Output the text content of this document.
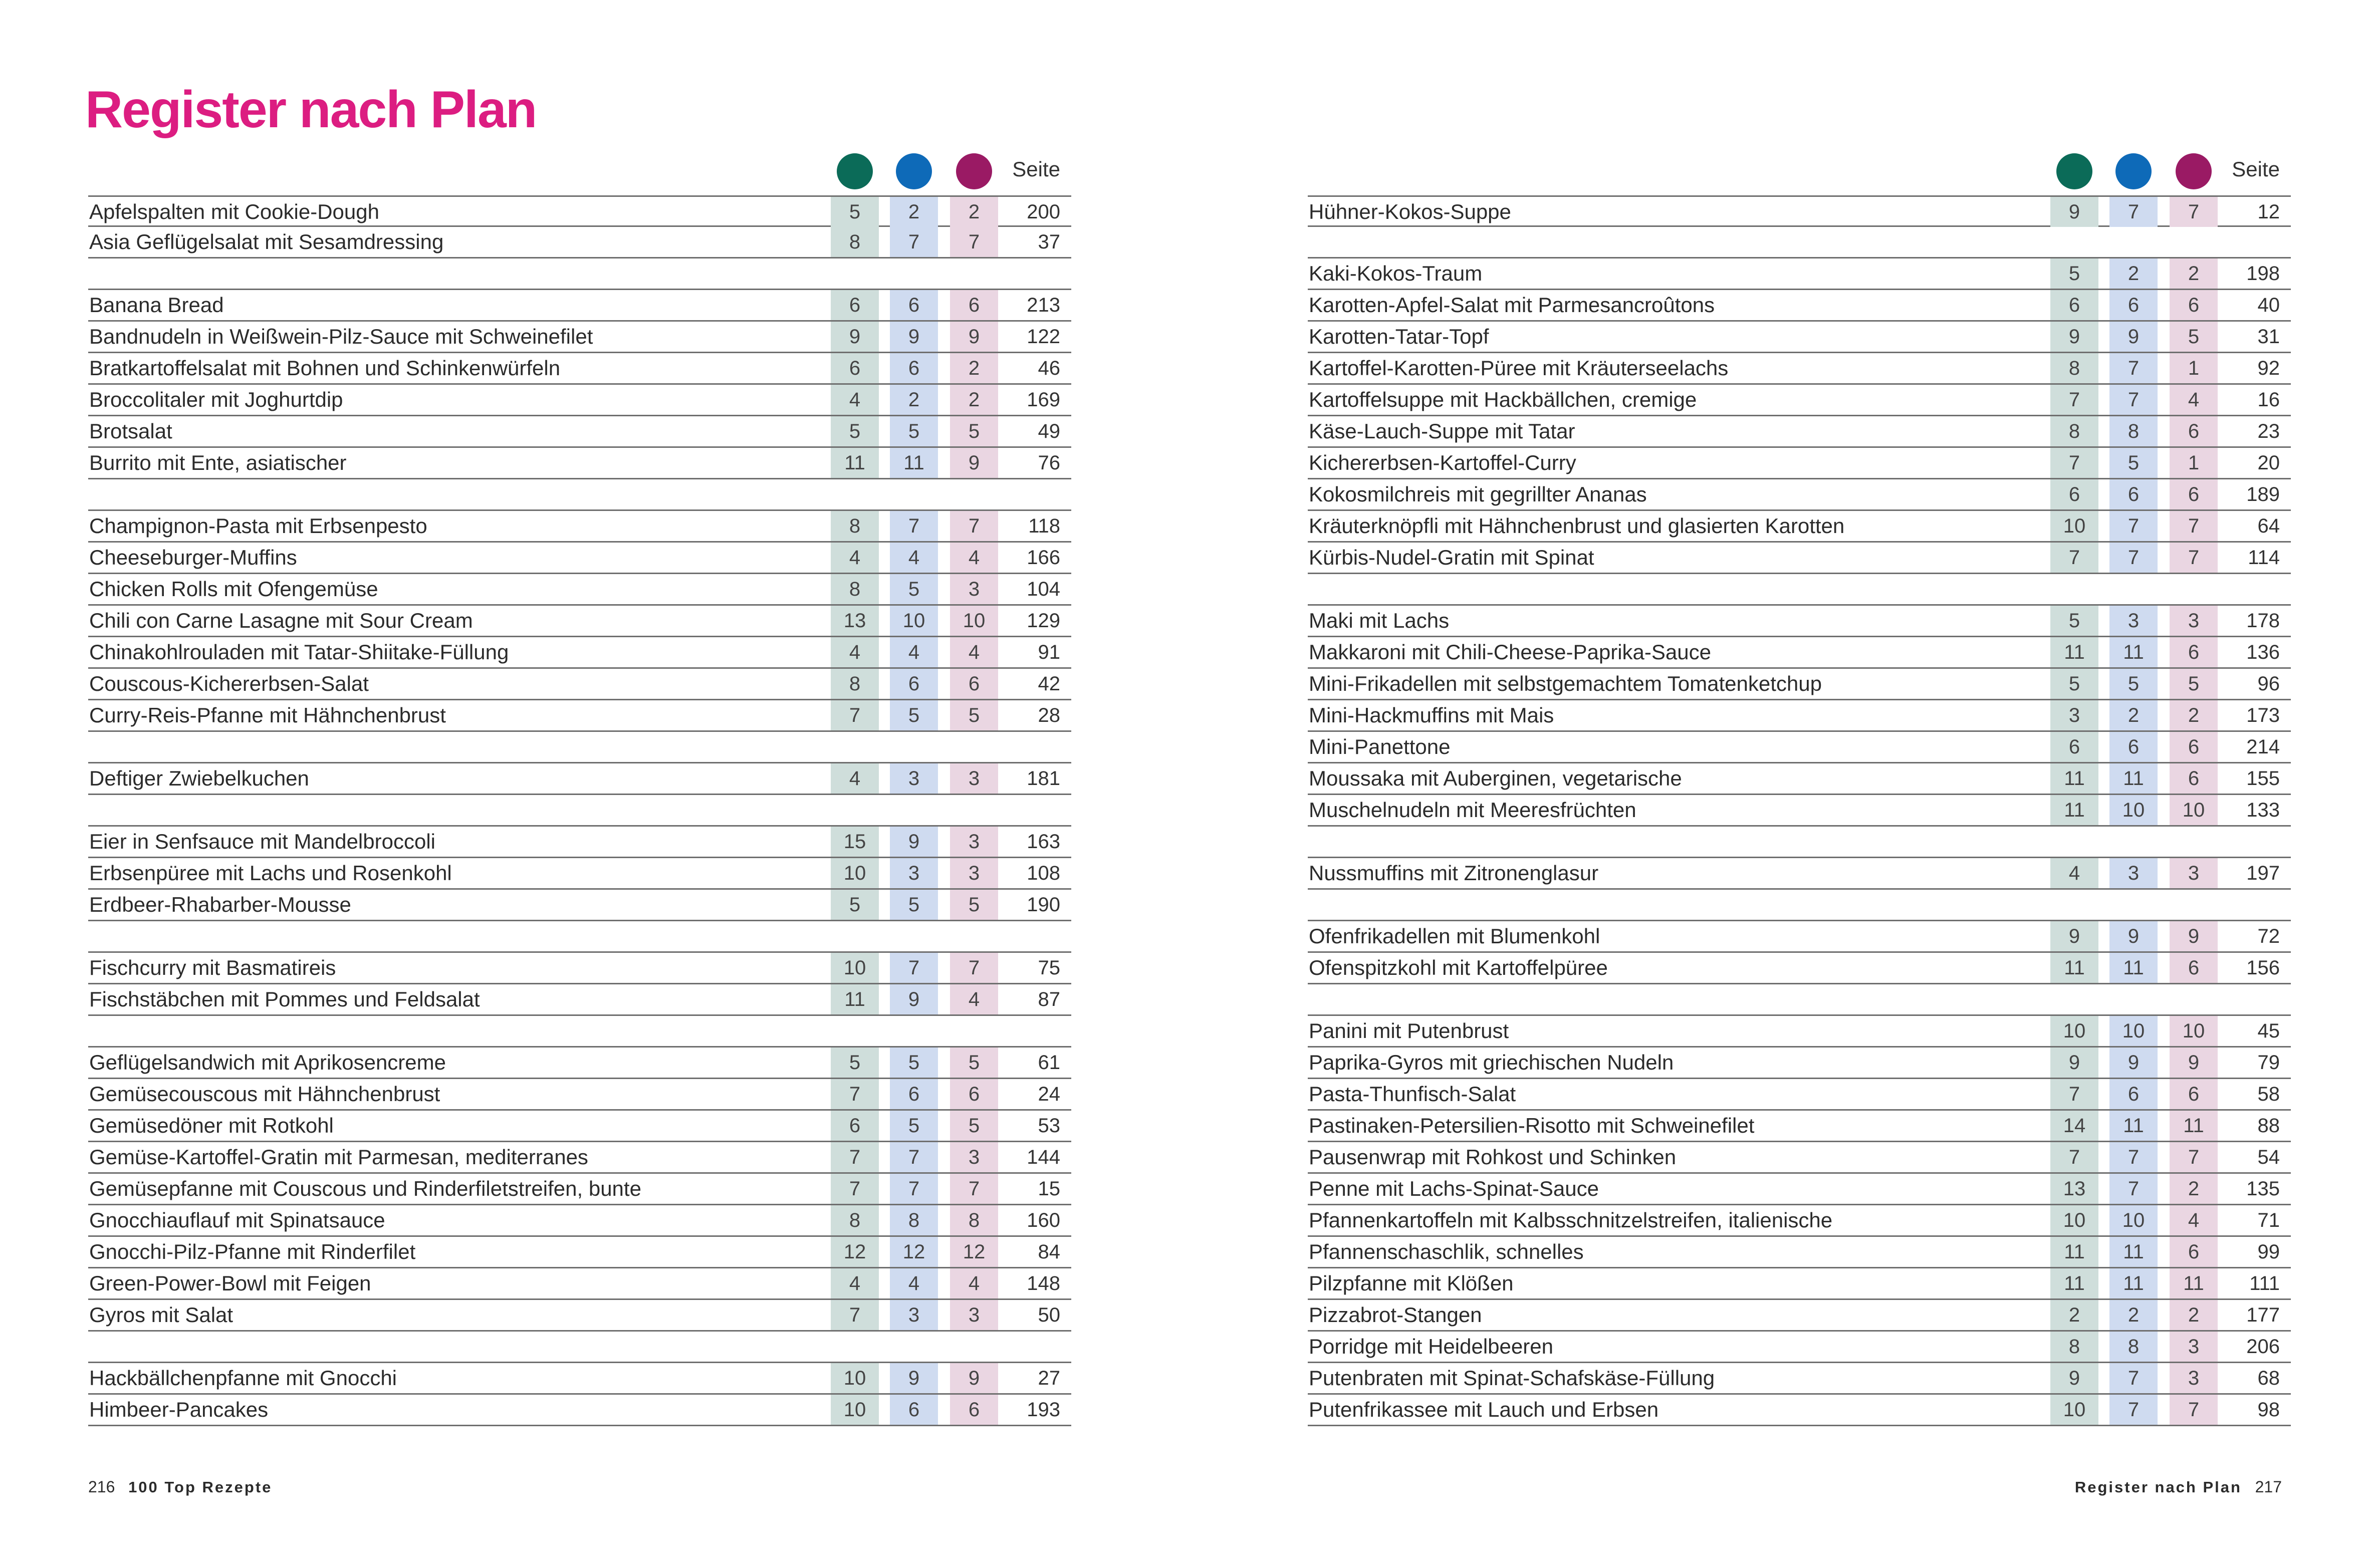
Register nach Plan
Seite
Apfelspalten mit Cookie-Dough	5	2	2	200
Asia Geflügelsalat mit Sesamdressing	8	7	7	37
Banana Bread	6	6	6	213
Bandnudeln in Weißwein-Pilz-Sauce mit Schweinefilet	9	9	9	122
Bratkartoffelsalat mit Bohnen und Schinkenwürfeln	6	6	2	46
Broccolitaler mit Joghurtdip	4	2	2	169
Brotsalat	5	5	5	49
Burrito mit Ente, asiatischer	11	11	9	76
Champignon-Pasta mit Erbsenpesto	8	7	7	118
Cheeseburger-Muffins	4	4	4	166
Chicken Rolls mit Ofengemüse	8	5	3	104
Chili con Carne Lasagne mit Sour Cream	13	10	10	129
Chinakohlrouladen mit Tatar-Shiitake-Füllung	4	4	4	91
Couscous-Kichererbsen-Salat	8	6	6	42
Curry-Reis-Pfanne mit Hähnchenbrust	7	5	5	28
Deftiger Zwiebelkuchen	4	3	3	181
Eier in Senfsauce mit Mandelbroccoli	15	9	3	163
Erbsenpüree mit Lachs und Rosenkohl	10	3	3	108
Erdbeer-Rhabarber-Mousse	5	5	5	190
Fischcurry mit Basmatireis	10	7	7	75
Fischstäbchen mit Pommes und Feldsalat	11	9	4	87
Geflügelsandwich mit Aprikosencreme	5	5	5	61
Gemüsecouscous mit Hähnchenbrust	7	6	6	24
Gemüsedöner mit Rotkohl	6	5	5	53
Gemüse-Kartoffel-Gratin mit Parmesan, mediterranes	7	7	3	144
Gemüsepfanne mit Couscous und Rinderfiletstreifen, bunte	7	7	7	15
Gnocchiauflauf mit Spinatsauce	8	8	8	160
Gnocchi-Pilz-Pfanne mit Rinderfilet	12	12	12	84
Green-Power-Bowl mit Feigen	4	4	4	148
Gyros mit Salat	7	3	3	50
Hackbällchenpfanne mit Gnocchi	10	9	9	27
Himbeer-Pancakes	10	6	6	193
Seite
Hühner-Kokos-Suppe	9	7	7	12
Kaki-Kokos-Traum	5	2	2	198
Karotten-Apfel-Salat mit Parmesancroûtons	6	6	6	40
Karotten-Tatar-Topf	9	9	5	31
Kartoffel-Karotten-Püree mit Kräuterseelachs	8	7	1	92
Kartoffelsuppe mit Hackbällchen, cremige	7	7	4	16
Käse-Lauch-Suppe mit Tatar	8	8	6	23
Kichererbsen-Kartoffel-Curry	7	5	1	20
Kokosmilchreis mit gegrillter Ananas	6	6	6	189
Kräuterknöpfli mit Hähnchenbrust und glasierten Karotten	10	7	7	64
Kürbis-Nudel-Gratin mit Spinat	7	7	7	114
Maki mit Lachs	5	3	3	178
Makkaroni mit Chili-Cheese-Paprika-Sauce	11	11	6	136
Mini-Frikadellen mit selbstgemachtem Tomatenketchup	5	5	5	96
Mini-Hackmuffins mit Mais	3	2	2	173
Mini-Panettone	6	6	6	214
Moussaka mit Auberginen, vegetarische	11	11	6	155
Muschelnudeln mit Meeresfrüchten	11	10	10	133
Nussmuffins mit Zitronenglasur	4	3	3	197
Ofenfrikadellen mit Blumenkohl	9	9	9	72
Ofenspitzkohl mit Kartoffelpüree	11	11	6	156
Panini mit Putenbrust	10	10	10	45
Paprika-Gyros mit griechischen Nudeln	9	9	9	79
Pasta-Thunfisch-Salat	7	6	6	58
Pastinaken-Petersilien-Risotto mit Schweinefilet	14	11	11	88
Pausenwrap mit Rohkost und Schinken	7	7	7	54
Penne mit Lachs-Spinat-Sauce	13	7	2	135
Pfannenkartoffeln mit Kalbsschnitzelstreifen, italienische	10	10	4	71
Pfannenschaschlik, schnelles	11	11	6	99
Pilzpfanne mit Klößen	11	11	11	111
Pizzabrot-Stangen	2	2	2	177
Porridge mit Heidelbeeren	8	8	3	206
Putenbraten mit Spinat-Schafskäse-Füllung	9	7	3	68
Putenfrikassee mit Lauch und Erbsen	10	7	7	98
216 100 Top Rezepte	Register nach Plan 217
